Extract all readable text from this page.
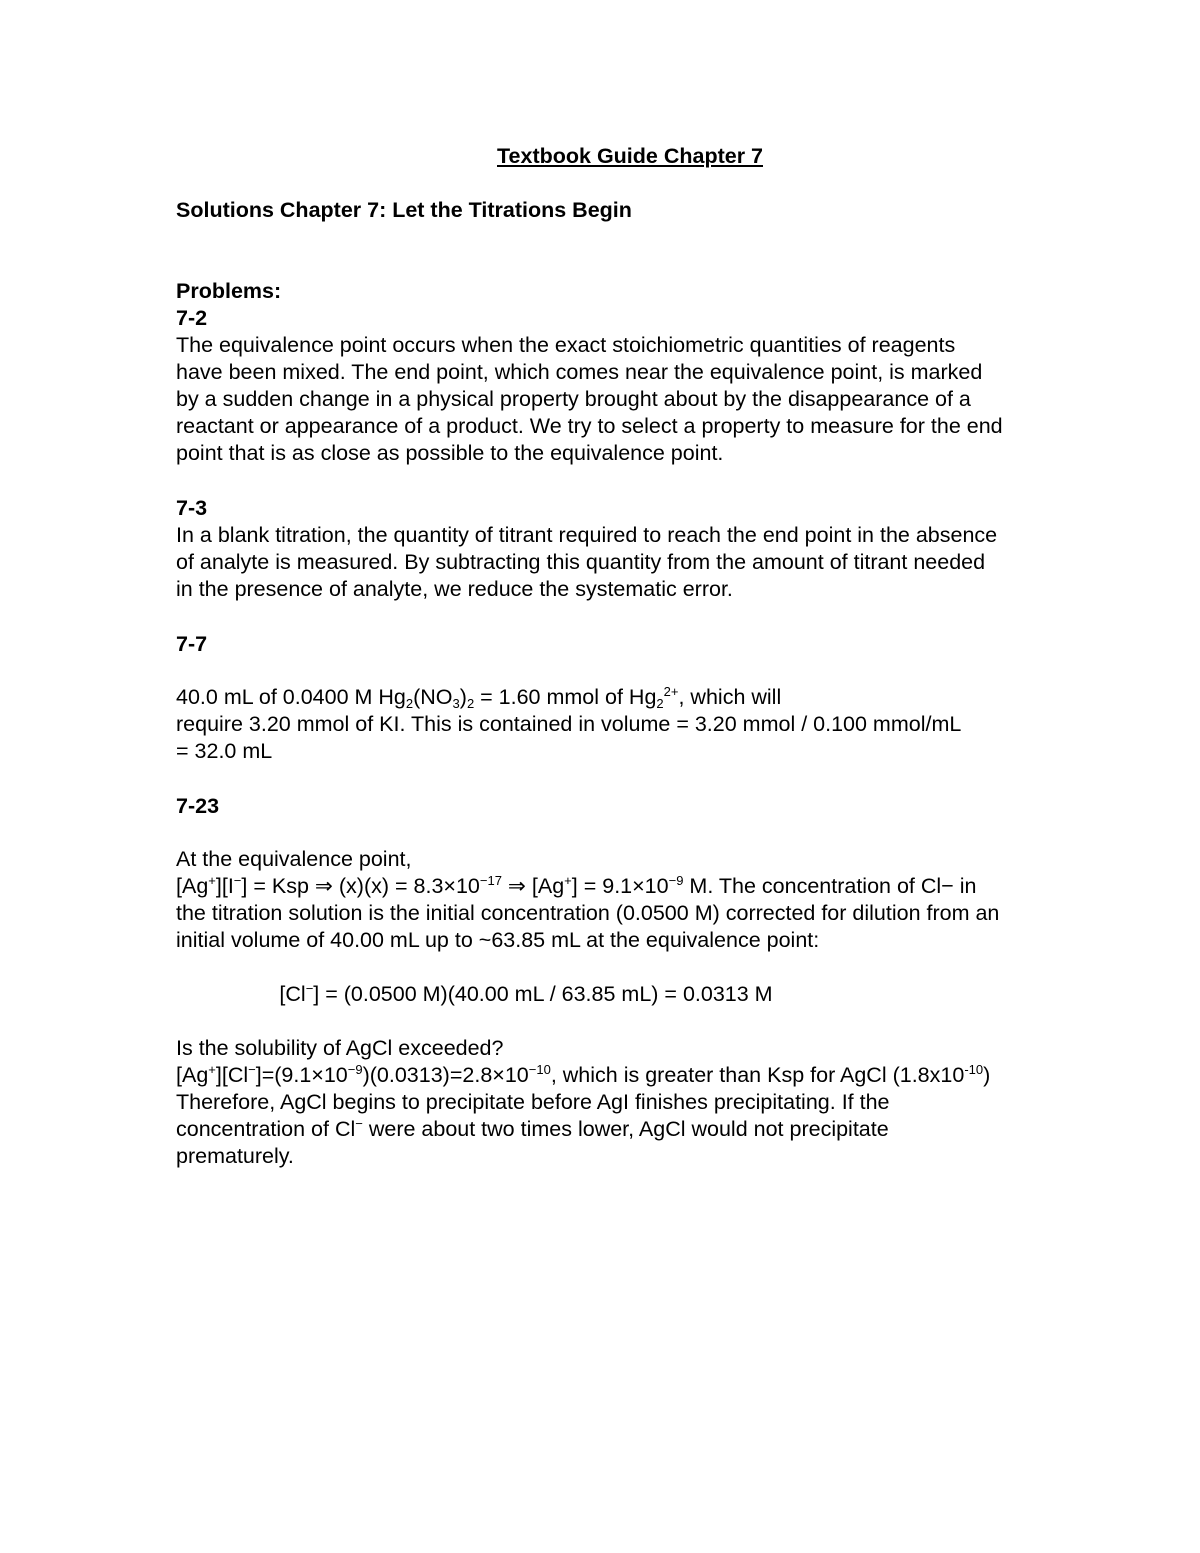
Textbook Guide Chapter 7
Solutions Chapter 7: Let the Titrations Begin
Problems:
7-2
The equivalence point occurs when the exact stoichiometric quantities of reagents
have been mixed. The end point, which comes near the equivalence point, is marked
by a sudden change in a physical property brought about by the disappearance of a
reactant or appearance of a product. We try to select a property to measure for the end
point that is as close as possible to the equivalence point.
7-3
In a blank titration, the quantity of titrant required to reach the end point in the absence
of analyte is measured. By subtracting this quantity from the amount of titrant needed
in the presence of analyte, we reduce the systematic error.
7-7
40.0 mL of 0.0400 M $Hg_2(NO_3)_2 = 1.60$ mmol of $Hg_2^{2+}$, which will
require 3.20 mmol of KI. This is contained in volume = 3.20 mmol / 0.100 mmol/mL
= 32.0 mL
7-23
At the equivalence point,
[Ag+][I−] = Ksp ⇒ $(x)(x) = 8.3\times 10^{-17}$ ⇒ $[Ag^+] = 9.1\times 10^{-9}$ M. The concentration of Cl− in
the titration solution is the initial concentration (0.0500 M) corrected for dilution from an
initial volume of 40.00 mL up to ~63.85 mL at the equivalence point:
[Cl−] = (0.0500 M)(40.00 mL / 63.85 mL) = 0.0313 M
Is the solubility of AgCl exceeded?
$[Ag^+][Cl^-]=(9.1\times 10^{-9})(0.0313)=2.8\times 10^{-10}$, which is greater than Ksp for AgCl $(1.8x10^{-10})$
Therefore, AgCl begins to precipitate before AgI finishes precipitating. If the
concentration of Cl− were about two times lower, AgCl would not precipitate
prematurely.
